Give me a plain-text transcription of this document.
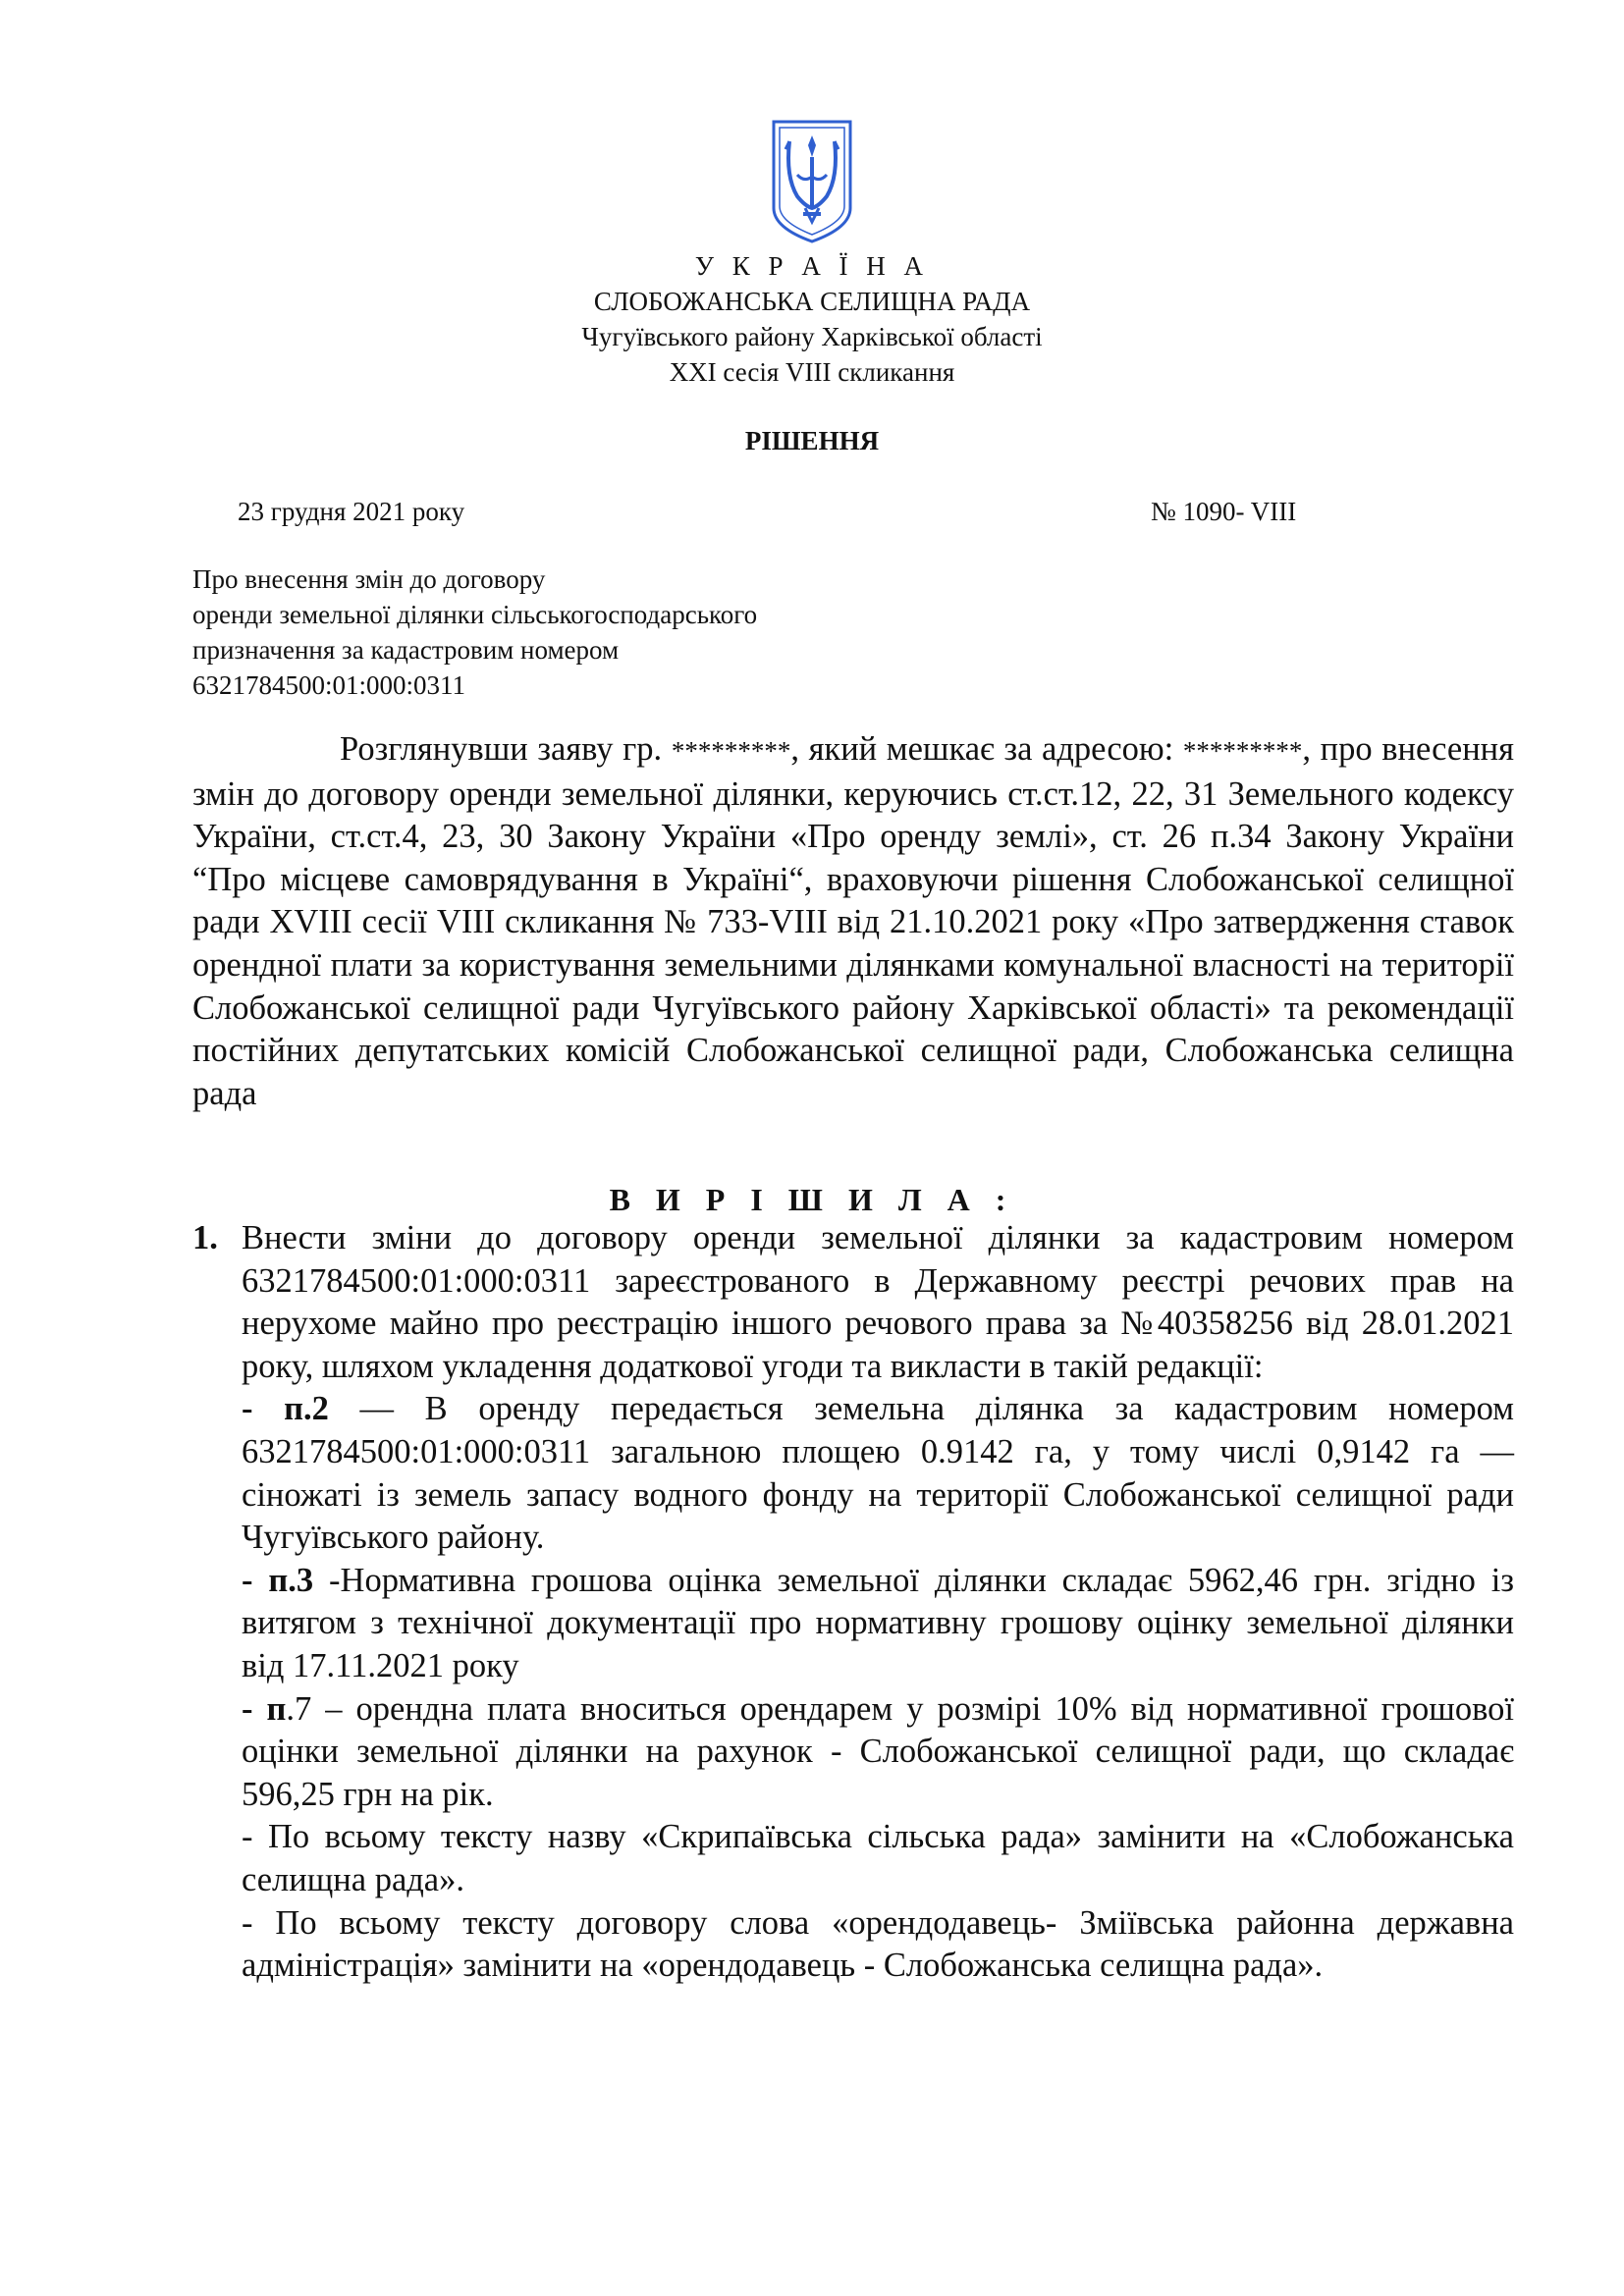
У К Р А Ї Н А
СЛОБОЖАНСЬКА СЕЛИЩНА РАДА
Чугуївського району Харківської області
XXI сесія VIII скликання
РІШЕННЯ
23 грудня 2021 року	№ 1090- VIII
Про внесення змін до договору
оренди земельної ділянки сільськогосподарського
призначення за кадастровим номером
6321784500:01:000:0311

Розглянувши заяву гр. *********, який мешкає за адресою: *********, про внесення змін до договору оренди земельної ділянки, керуючись ст.ст.12, 22, 31 Земельного кодексу України, ст.ст.4, 23, 30 Закону України «Про оренду землі», ст. 26 п.34 Закону України “Про місцеве самоврядування в Україні“, враховуючи рішення Слобожанської селищної ради XVIII сесії VIII скликання № 733-VIII від 21.10.2021 року «Про затвердження ставок орендної плати за користування земельними ділянками комунальної власності на території Слобожанської селищної ради Чугуївського району Харківської області» та рекомендації постійних депутатських комісій Слобожанської селищної ради, Слобожанська селищна рада

В И Р І Ш И Л А :

1. Внести зміни до договору оренди земельної ділянки за кадастровим номером 6321784500:01:000:0311 зареєстрованого в Державному реєстрі речових прав на нерухоме майно про реєстрацію іншого речового права за №40358256 від 28.01.2021 року, шляхом укладення додаткової угоди та викласти в такій редакції:

- п.2 — В оренду передається земельна ділянка за кадастровим номером 6321784500:01:000:0311 загальною площею 0.9142 га, у тому числі 0,9142 га — сіножаті із земель запасу водного фонду на території Слобожанської селищної ради Чугуївського району.

- п.3 -Нормативна грошова оцінка земельної ділянки складає 5962,46 грн. згідно із витягом з технічної документації про нормативну грошову оцінку земельної ділянки від 17.11.2021 року

- п.7 – орендна плата вноситься орендарем у розмірі 10% від нормативної грошової оцінки земельної ділянки на рахунок - Слобожанської селищної ради, що складає 596,25 грн на рік.

- По всьому тексту назву «Скрипаївська сільська рада» замінити на «Слобожанська селищна рада».

- По всьому тексту договору слова «орендодавець- Зміївська районна державна адміністрація» замінити на «орендодавець - Слобожанська селищна рада».
